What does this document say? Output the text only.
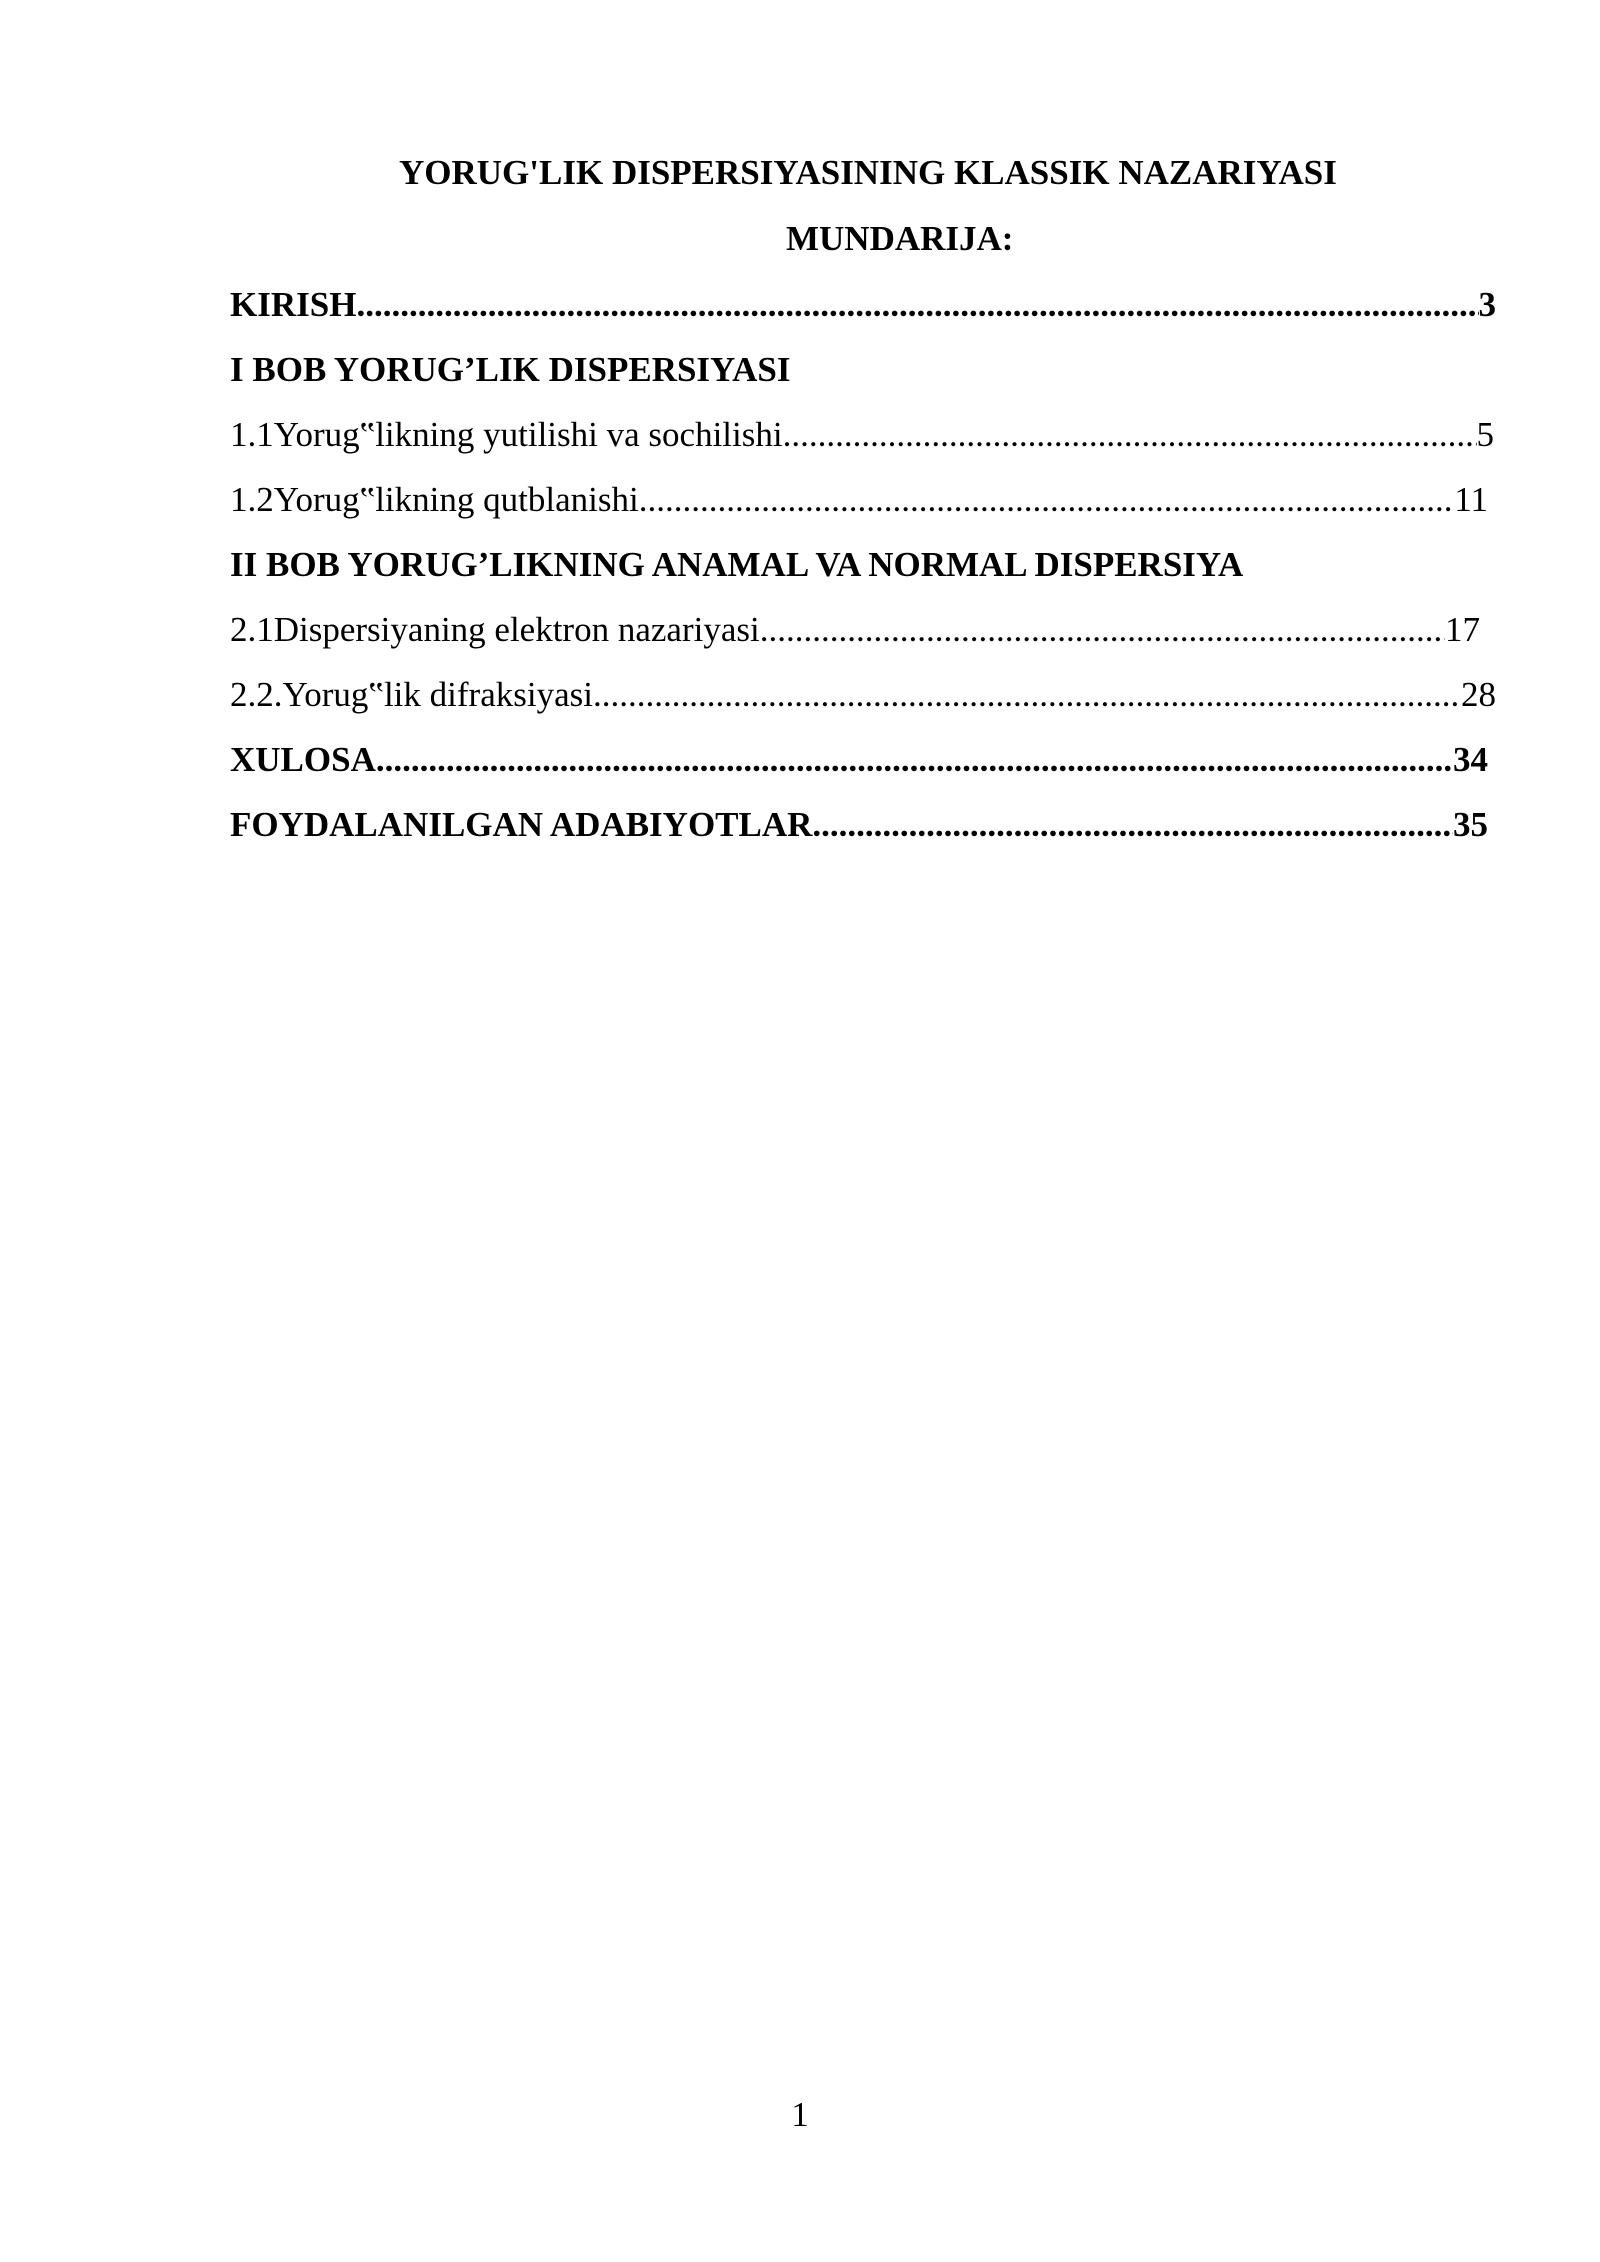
YORUG'LIK DISPERSIYASINING KLASSIK NAZARIYASI
MUNDARIJA:
KIRISH .....	3
I BOB YORUG’LIK DISPERSIYASI
1.1 Yorug‟likning yutilishi va sochilishi .....	5
1.2 Yorug‟likning qutblanishi .....	11
II BOB YORUG’LIKNING ANAMAL VA NORMAL DISPERSIYA
2.1 Dispersiyaning elektron nazariyasi .....	17
2.2. Yorug‟lik difraksiyasi .....	28
XULOSA .....	34
FOYDALANILGAN ADABIYOTLAR .....	35
1
